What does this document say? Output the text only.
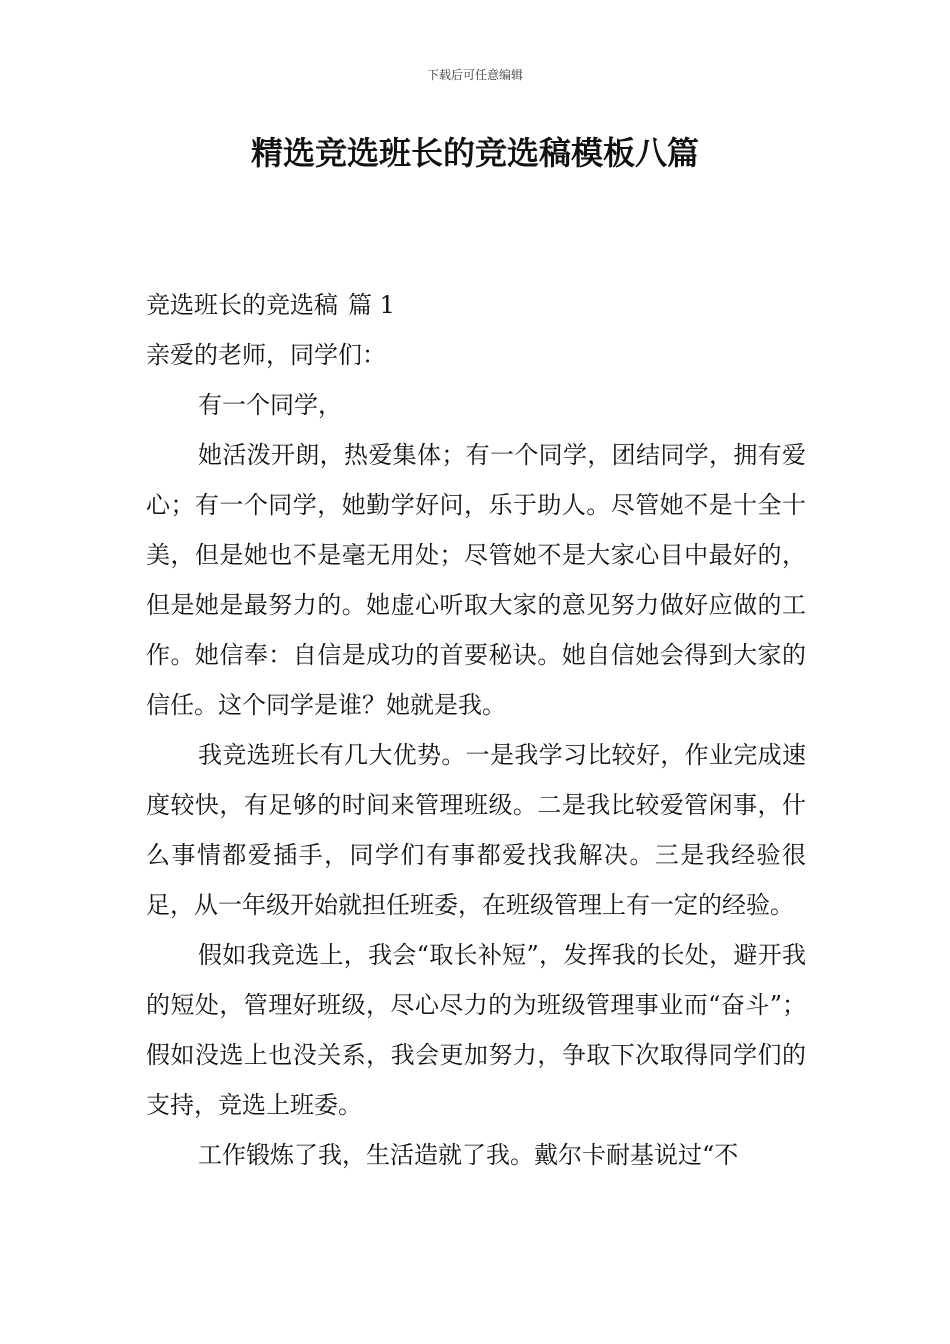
下载后可任意编辑
精选竞选班长的竞选稿模板八篇

竞选班长的竞选稿 篇 1

亲爱的老师，同学们：

有一个同学，

她活泼开朗，热爱集体；有一个同学，团结同学，拥有爱心；有一个同学，她勤学好问，乐于助人。尽管她不是十全十美，但是她也不是毫无用处；尽管她不是大家心目中最好的，但是她是最努力的。她虚心听取大家的意见努力做好应做的工作。她信奉：自信是成功的首要秘诀。她自信她会得到大家的信任。这个同学是谁？她就是我。

我竞选班长有几大优势。一是我学习比较好，作业完成速度较快，有足够的时间来管理班级。二是我比较爱管闲事，什么事情都爱插手，同学们有事都爱找我解决。三是我经验很足，从一年级开始就担任班委，在班级管理上有一定的经验。

假如我竞选上，我会“取长补短”，发挥我的长处，避开我的短处，管理好班级，尽心尽力的为班级管理事业而“奋斗”；假如没选上也没关系，我会更加努力，争取下次取得同学们的支持，竞选上班委。

工作锻炼了我，生活造就了我。戴尔卡耐基说过“不
